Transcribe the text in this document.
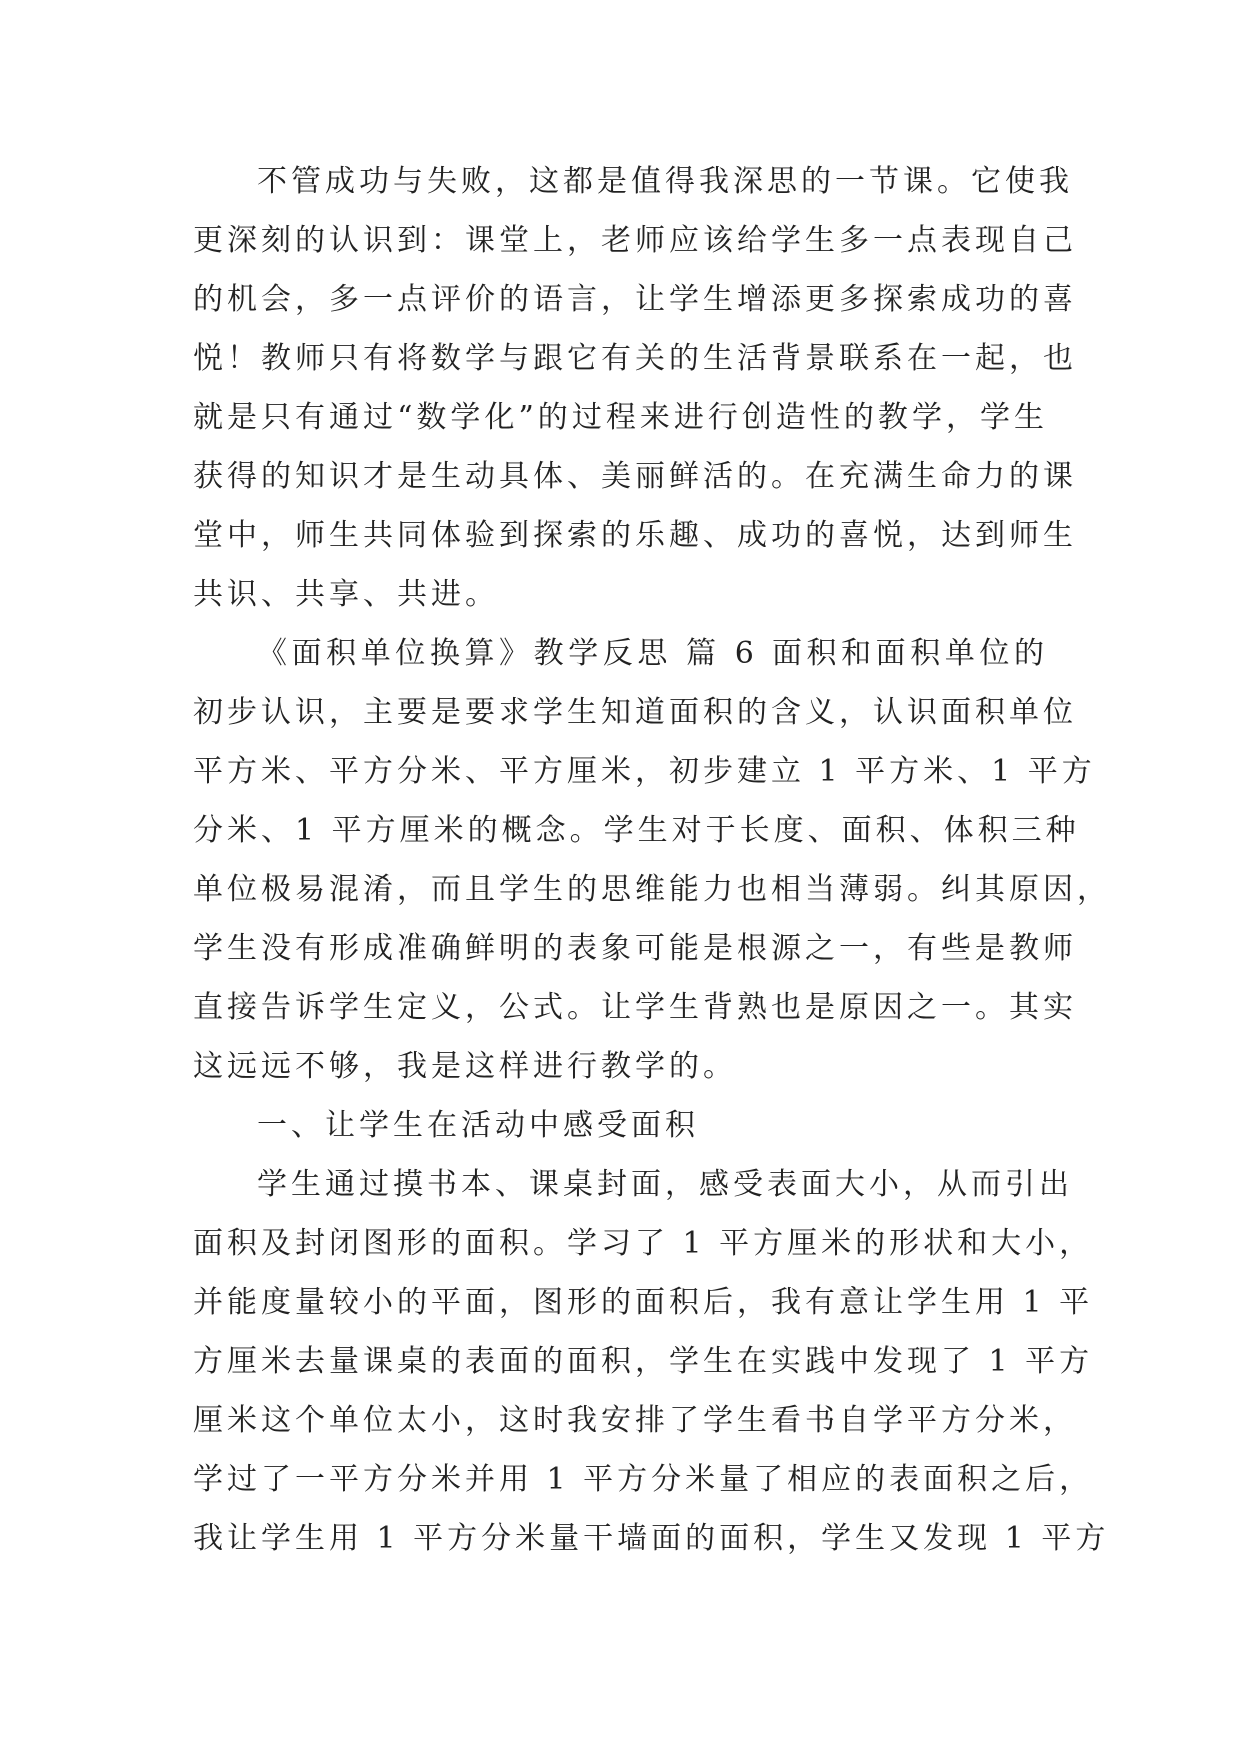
不管成功与失败，这都是值得我深思的一节课。它使我
更深刻的认识到：课堂上，老师应该给学生多一点表现自己
的机会，多一点评价的语言，让学生增添更多探索成功的喜
悦！教师只有将数学与跟它有关的生活背景联系在一起，也
就是只有通过“数学化”的过程来进行创造性的教学，学生
获得的知识才是生动具体、美丽鲜活的。在充满生命力的课
堂中，师生共同体验到探索的乐趣、成功的喜悦，达到师生
共识、共享、共进。
《面积单位换算》教学反思 篇 6 面积和面积单位的
初步认识，主要是要求学生知道面积的含义，认识面积单位
平方米、平方分米、平方厘米，初步建立 1 平方米、1 平方
分米、1 平方厘米的概念。学生对于长度、面积、体积三种
单位极易混淆，而且学生的思维能力也相当薄弱。纠其原因，
学生没有形成准确鲜明的表象可能是根源之一，有些是教师
直接告诉学生定义，公式。让学生背熟也是原因之一。其实
这远远不够，我是这样进行教学的。
一、让学生在活动中感受面积
学生通过摸书本、课桌封面，感受表面大小，从而引出
面积及封闭图形的面积。学习了 1 平方厘米的形状和大小，
并能度量较小的平面，图形的面积后，我有意让学生用 1 平
方厘米去量课桌的表面的面积，学生在实践中发现了 1 平方
厘米这个单位太小，这时我安排了学生看书自学平方分米，
学过了一平方分米并用 1 平方分米量了相应的表面积之后，
我让学生用 1 平方分米量干墙面的面积，学生又发现 1 平方
